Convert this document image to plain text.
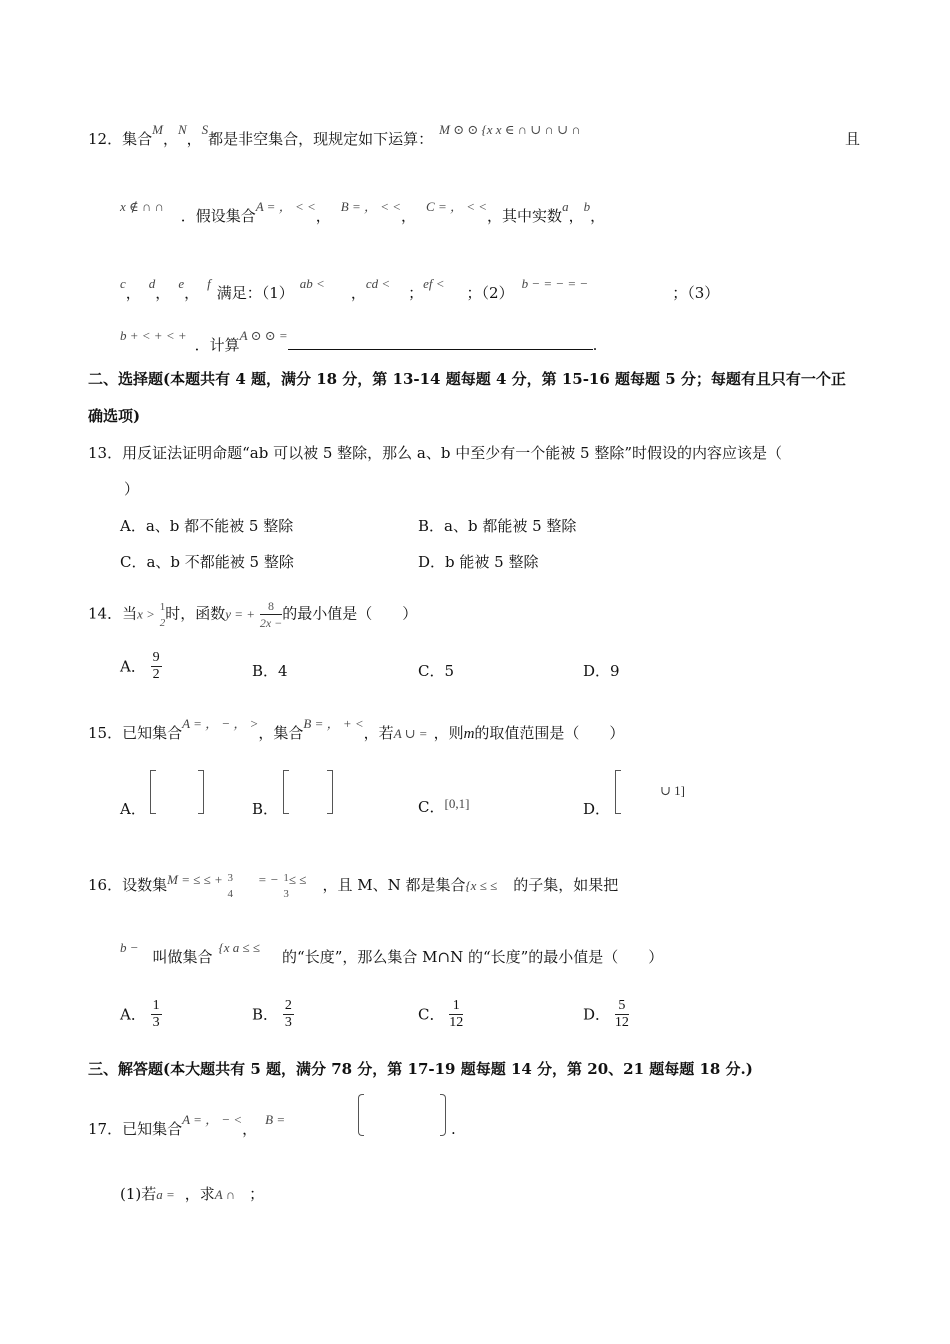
12．集合M，N，S都是非空集合，现规定如下运算：M ⊙ ⊙ {x x ∈ ∩ ∪ ∩ ∪ ∩
且
x ∉ ∩ ∩ ．假设集合A = ， < <，B = ， < <，C = ， < <，其中实数a，b，
c，d，e，f满足：（1）ab <，cd <；ef <；（2）b − = − = −；（3）
b + < + < +．计算A ⊙ ⊙ =.
二、选择题(本题共有 4 题，满分 18 分，第 13-14 题每题 4 分，第 15-16 题每题 5 分；每题有且只有一个正
确选项)
13．用反证法证明命题“ab 可以被 5 整除，那么 a、b 中至少有一个能被 5 整除”时假设的内容应该是（
）
A．a、b 都不能被 5 整除	B．a、b 都能被 5 整除
C．a、b 不都能被 5 整除	D．b 能被 5 整除
14．当x > 1
2 时，函数y = + $\frac{8}{2x -}$ 的最小值是（　　）
A． $\frac{9}{2}$	B．4	C．5	D．9
15．已知集合A = ， − ， >，集合B = ， + <，若A ∪ = ，则m的取值范围是（　　）
A．	B．	C．[0,1]	D．
∪ 1]
16．设数集M = ≤ ≤ + 3
4
= − 1
3
≤ ≤ ，且 M、N 都是集合{x ≤ ≤ 的子集，如果把
b −叫做集合{x a ≤ ≤的“长度”，那么集合 M∩N 的“长度”的最小值是（　　）
A． $\frac{1}{3}$	B． $\frac{2}{3}$	C． $\frac{1}{12}$	D． $\frac{5}{12}$
三、解答题(本大题共有 5 题，满分 78 分，第 17-19 题每题 14 分，第 20、21 题每题 18 分.)
17．已知集合A = ， − <，B =
.
(1)若a = ，求A ∩ ；
